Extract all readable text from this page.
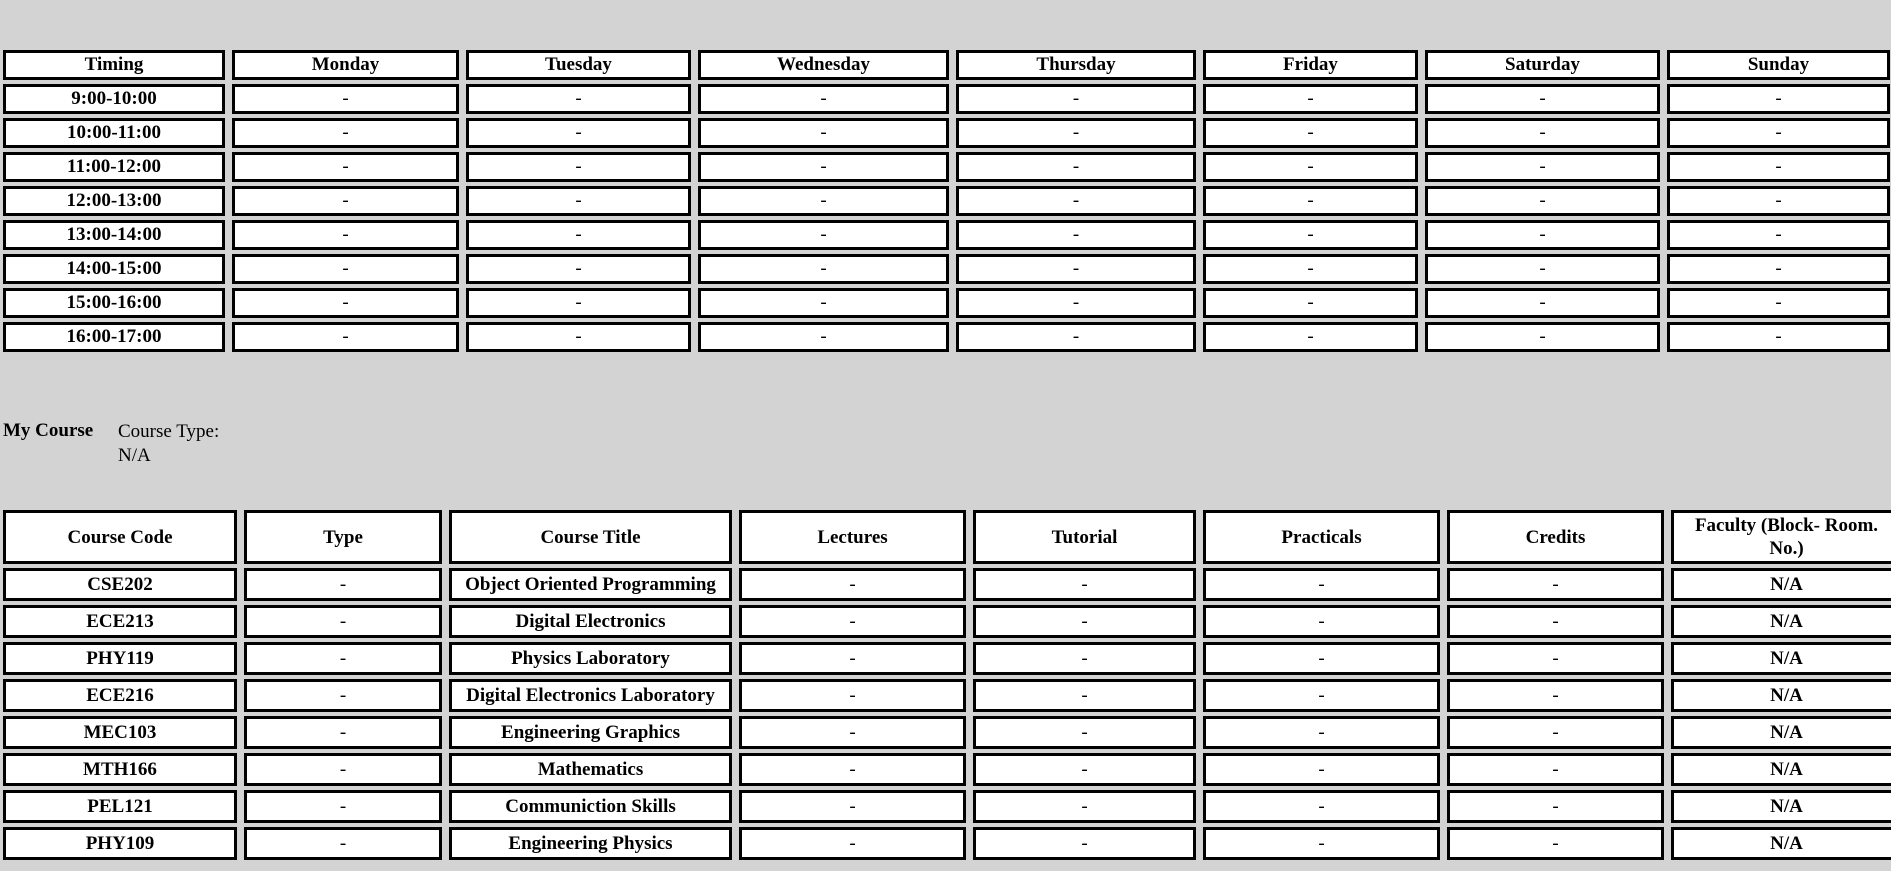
Timing	Monday	Tuesday	Wednesday	Thursday	Friday	Saturday	Sunday
9:00-10:00	-	-	-	-	-	-	-
10:00-11:00	-	-	-	-	-	-	-
11:00-12:00	-	-	-	-	-	-	-
12:00-13:00	-	-	-	-	-	-	-
13:00-14:00	-	-	-	-	-	-	-
14:00-15:00	-	-	-	-	-	-	-
15:00-16:00	-	-	-	-	-	-	-
16:00-17:00	-	-	-	-	-	-	-
My Course Course Type:
N/A
Course Code	Type	Course Title	Lectures	Tutorial	Practicals	Credits	Faculty (Block- Room. No.)
CSE202	-	Object Oriented Programming	-	-	-	-	N/A
ECE213	-	Digital Electronics	-	-	-	-	N/A
PHY119	-	Physics Laboratory	-	-	-	-	N/A
ECE216	-	Digital Electronics Laboratory	-	-	-	-	N/A
MEC103	-	Engineering Graphics	-	-	-	-	N/A
MTH166	-	Mathematics	-	-	-	-	N/A
PEL121	-	Communiction Skills	-	-	-	-	N/A
PHY109	-	Engineering Physics	-	-	-	-	N/A
